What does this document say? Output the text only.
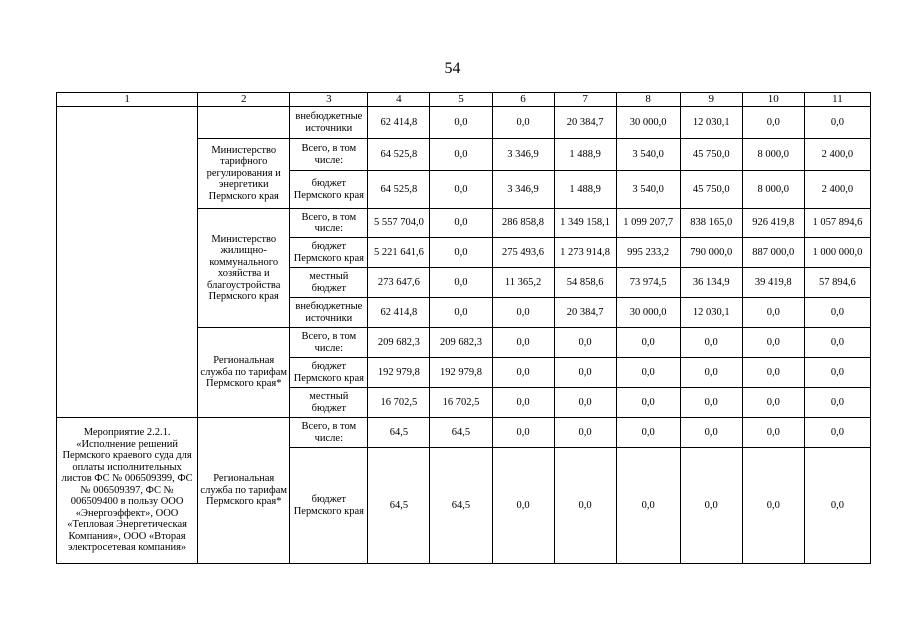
54
1	2	3	4	5	6	7	8	9	10	11
		внебюджетные источники	62 414,8	0,0	0,0	20 384,7	30 000,0	12 030,1	0,0	0,0
	Министерство тарифного регулирования и энергетики Пермского края	Всего, в том числе:	64 525,8	0,0	3 346,9	1 488,9	3 540,0	45 750,0	8 000,0	2 400,0
		бюджет Пермского края	64 525,8	0,0	3 346,9	1 488,9	3 540,0	45 750,0	8 000,0	2 400,0
	Министерство жилищно-коммунального хозяйства и благоустройства Пермского края	Всего, в том числе:	5 557 704,0	0,0	286 858,8	1 349 158,1	1 099 207,7	838 165,0	926 419,8	1 057 894,6
		бюджет Пермского края	5 221 641,6	0,0	275 493,6	1 273 914,8	995 233,2	790 000,0	887 000,0	1 000 000,0
		местный бюджет	273 647,6	0,0	11 365,2	54 858,6	73 974,5	36 134,9	39 419,8	57 894,6
		внебюджетные источники	62 414,8	0,0	0,0	20 384,7	30 000,0	12 030,1	0,0	0,0
	Региональная служба по тарифам Пермского края*	Всего, в том числе:	209 682,3	209 682,3	0,0	0,0	0,0	0,0	0,0	0,0
		бюджет Пермского края	192 979,8	192 979,8	0,0	0,0	0,0	0,0	0,0	0,0
		местный бюджет	16 702,5	16 702,5	0,0	0,0	0,0	0,0	0,0	0,0
Мероприятие 2.2.1. «Исполнение решений Пермского краевого суда для оплаты исполнительных листов ФС № 006509399, ФС № 006509397, ФС № 006509400 в пользу ООО «Энергоэффект», ООО «Тепловая Энергетическая Компания», ООО «Вторая электросетевая компания»	Региональная служба по тарифам Пермского края*	Всего, в том числе:	64,5	64,5	0,0	0,0	0,0	0,0	0,0	0,0
		бюджет Пермского края	64,5	64,5	0,0	0,0	0,0	0,0	0,0	0,0
